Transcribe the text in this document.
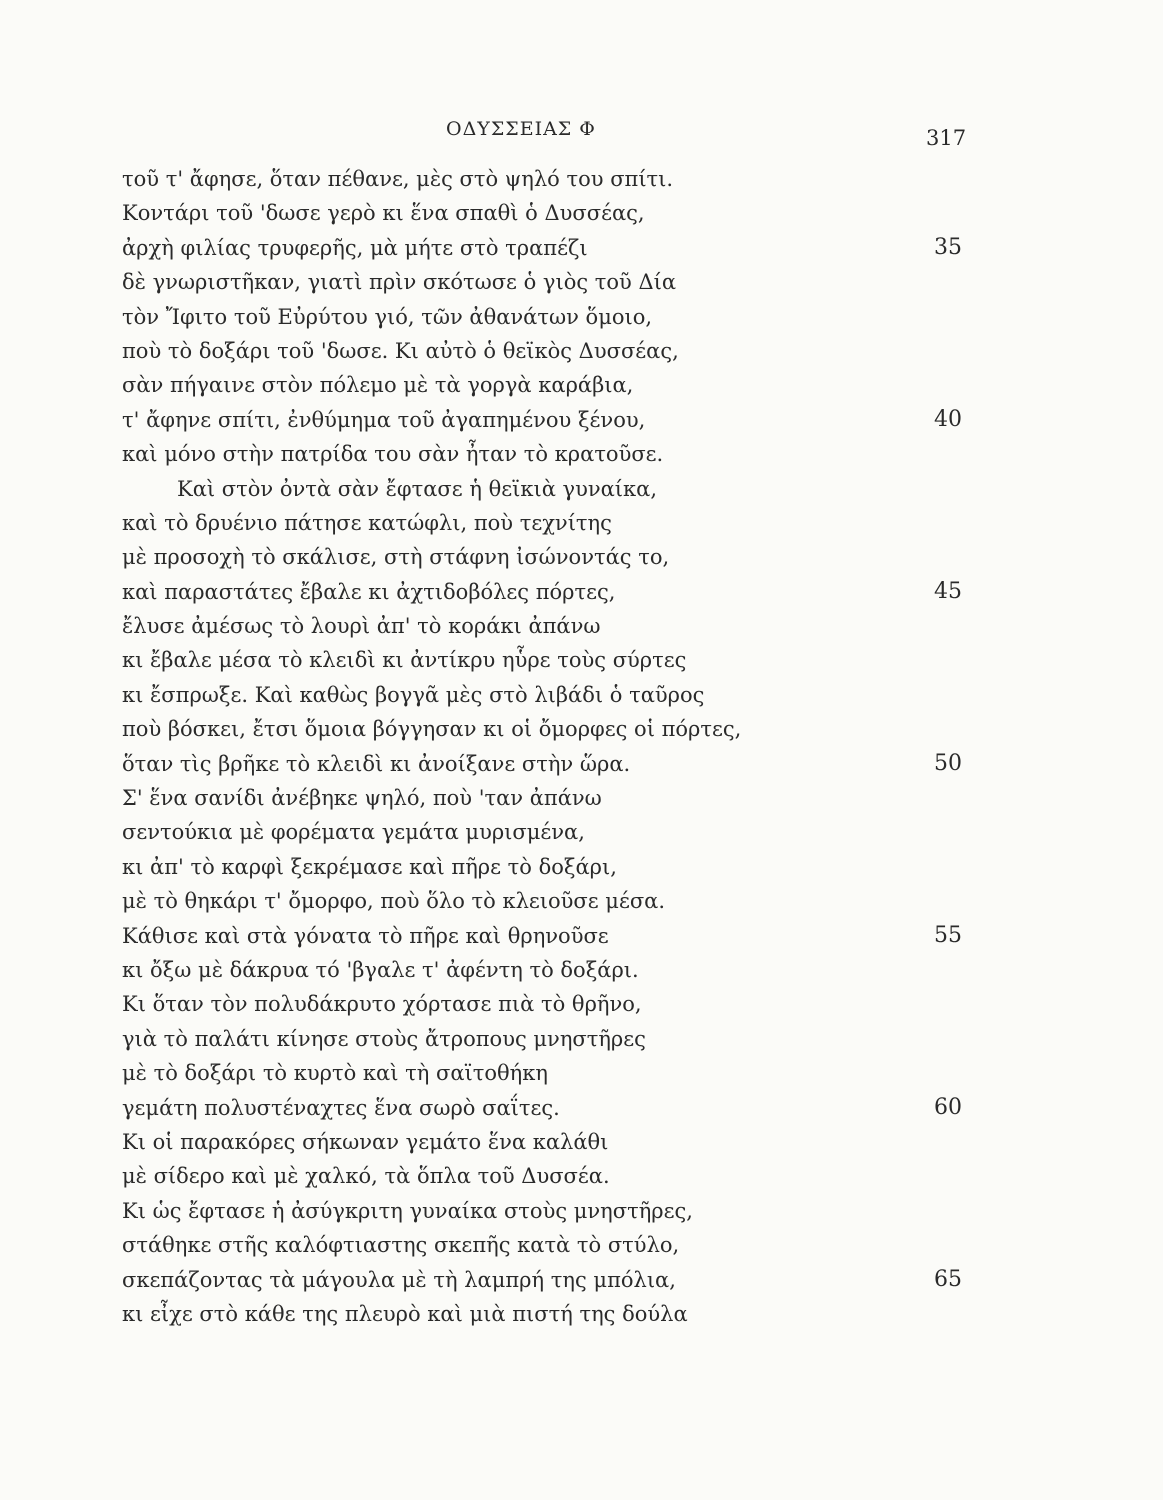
ΟΔΥΣΣΕΙΑΣ Φ	317
τοῦ τ' ἄφησε, ὅταν πέθανε, μὲς στὸ ψηλό του σπίτι.
Κοντάρι τοῦ 'δωσε γερὸ κι ἕνα σπαθὶ ὁ Δυσσέας,
ἀρχὴ φιλίας τρυφερῆς, μὰ μήτε στὸ τραπέζι	35
δὲ γνωριστῆκαν, γιατὶ πρὶν σκότωσε ὁ γιὸς τοῦ Δία
τὸν Ἴφιτο τοῦ Εὐρύτου γιό, τῶν ἀθανάτων ὅμοιο,
ποὺ τὸ δοξάρι τοῦ 'δωσε. Κι αὐτὸ ὁ θεϊκὸς Δυσσέας,
σὰν πήγαινε στὸν πόλεμο μὲ τὰ γοργὰ καράβια,
τ' ἄφηνε σπίτι, ἐνθύμημα τοῦ ἀγαπημένου ξένου,	40
καὶ μόνο στὴν πατρίδα του σὰν ἦταν τὸ κρατοῦσε.
Καὶ στὸν ὀντὰ σὰν ἔφτασε ἡ θεϊκιὰ γυναίκα,
καὶ τὸ δρυένιο πάτησε κατώφλι, ποὺ τεχνίτης
μὲ προσοχὴ τὸ σκάλισε, στὴ στάφνη ἰσώνοντάς το,
καὶ παραστάτες ἔβαλε κι ἀχτιδοβόλες πόρτες,	45
ἔλυσε ἀμέσως τὸ λουρὶ ἀπ' τὸ κοράκι ἀπάνω
κι ἔβαλε μέσα τὸ κλειδὶ κι ἀντίκρυ ηὗρε τοὺς σύρτες
κι ἔσπρωξε. Καὶ καθὼς βογγᾶ μὲς στὸ λιβάδι ὁ ταῦρος
ποὺ βόσκει, ἔτσι ὅμοια βόγγησαν κι οἱ ὄμορφες οἱ πόρτες,
ὅταν τὶς βρῆκε τὸ κλειδὶ κι ἀνοίξανε στὴν ὥρα.	50
Σ' ἕνα σανίδι ἀνέβηκε ψηλό, ποὺ 'ταν ἀπάνω
σεντούκια μὲ φορέματα γεμάτα μυρισμένα,
κι ἀπ' τὸ καρφὶ ξεκρέμασε καὶ πῆρε τὸ δοξάρι,
μὲ τὸ θηκάρι τ' ὄμορφο, ποὺ ὅλο τὸ κλειοῦσε μέσα.
Κάθισε καὶ στὰ γόνατα τὸ πῆρε καὶ θρηνοῦσε	55
κι ὄξω μὲ δάκρυα τό 'βγαλε τ' ἀφέντη τὸ δοξάρι.
Κι ὅταν τὸν πολυδάκρυτο χόρτασε πιὰ τὸ θρῆνο,
γιὰ τὸ παλάτι κίνησε στοὺς ἄτροπους μνηστῆρες
μὲ τὸ δοξάρι τὸ κυρτὸ καὶ τὴ σαϊτοθήκη
γεμάτη πολυστέναχτες ἕνα σωρὸ σαΐτες.	60
Κι οἱ παρακόρες σήκωναν γεμάτο ἕνα καλάθι
μὲ σίδερο καὶ μὲ χαλκό, τὰ ὅπλα τοῦ Δυσσέα.
Κι ὡς ἔφτασε ἡ ἀσύγκριτη γυναίκα στοὺς μνηστῆρες,
στάθηκε στῆς καλόφτιαστης σκεπῆς κατὰ τὸ στύλο,
σκεπάζοντας τὰ μάγουλα μὲ τὴ λαμπρή της μπόλια,	65
κι εἶχε στὸ κάθε της πλευρὸ καὶ μιὰ πιστή της δούλα
